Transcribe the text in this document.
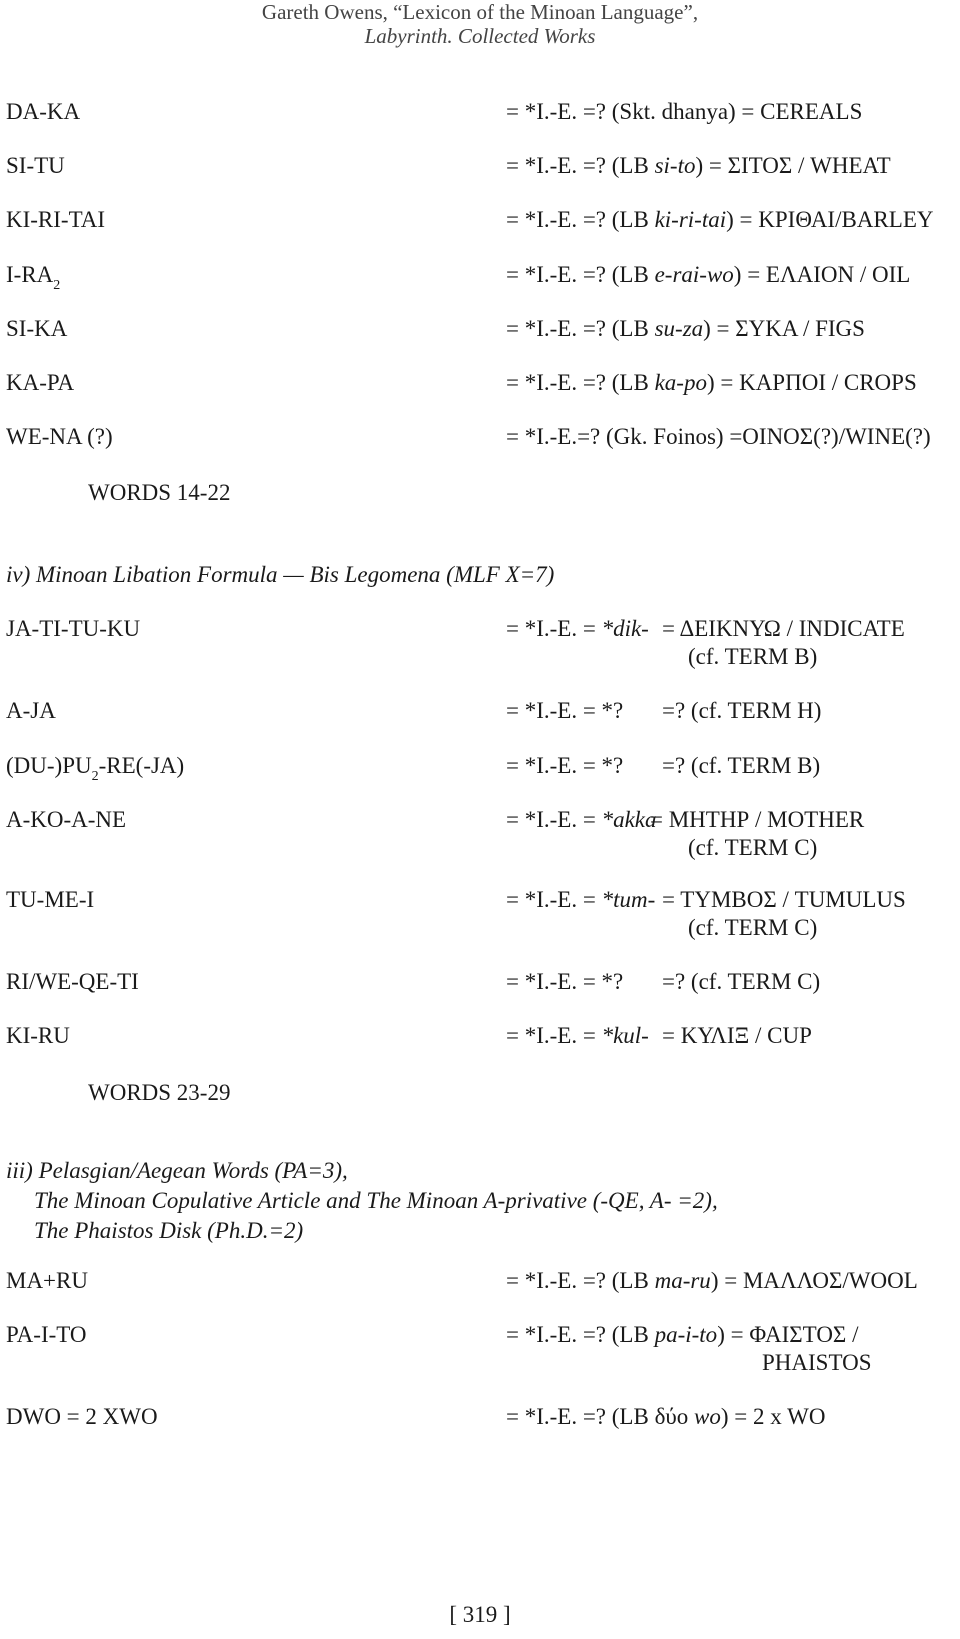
Gareth Owens, “Lexicon of the Minoan Language”,
Labyrinth. Collected Works
DA-KA	= *I.-E. =? (Skt. dhanya) = CEREALS
SI-TU	= *I.-E. =? (LB si-to) = ΣΙΤΟΣ / WHEAT
KI-RI-TAI	= *I.-E. =? (LB ki-ri-tai) = ΚΡΙΘΑΙ/BARLEY
$I-RA_2$	= *I.-E. =? (LB e-rai-wo) = ΕΛΑΙΟΝ / OIL
SI-KA	= *I.-E. =? (LB su-za) = ΣΥΚΑ / FIGS
KA-PA	= *I.-E. =? (LB ka-po) = ΚΑΡΠΟΙ / CROPS
WE-NA (?)	= *I.-E.=? (Gk. Foinos) =ΟΙΝΟΣ(?)/WINE(?)
WORDS 14-22
iv) Minoan Libation Formula — Bis Legomena (MLF X=7)
JA-TI-TU-KU	= *I.-E. = *dik- = ΔΕΙΚΝΥΩ / INDICATE
(cf. TERM B)
A-JA	= *I.-E. = *? =? (cf. TERM H)
$(DU-)PU_2-RE(-JA)$	= *I.-E. = *? =? (cf. TERM B)
A-KO-A-NE	= *I.-E. = *akka
= ΜΗΤΗΡ / MOTHER
(cf. TERM C)
TU-ME-I	= *I.-E. = *tum- = ΤΥΜΒΟΣ / TUMULUS
(cf. TERM C)
RI/WE-QE-TI	= *I.-E. = *? =? (cf. TERM C)
KI-RU	= *I.-E. = *kul- = ΚΥΛΙΞ / CUP
WORDS 23-29
iii) Pelasgian/Aegean Words (PA=3),
The Minoan Copulative Article and The Minoan A-privative (-QE, A- =2),
The Phaistos Disk (Ph.D.=2)
MA+RU	= *I.-E. =? (LB ma-ru) = ΜΑΛΛΟΣ/WOOL
PA-I-TO	= *I.-E. =? (LB pa-i-to) = ΦΑΙΣΤΟΣ /
PHAISTOS
DWO = 2 XWO	= *I.-E. =? (LB δύο wo) = 2 x WO
[ 319 ]
